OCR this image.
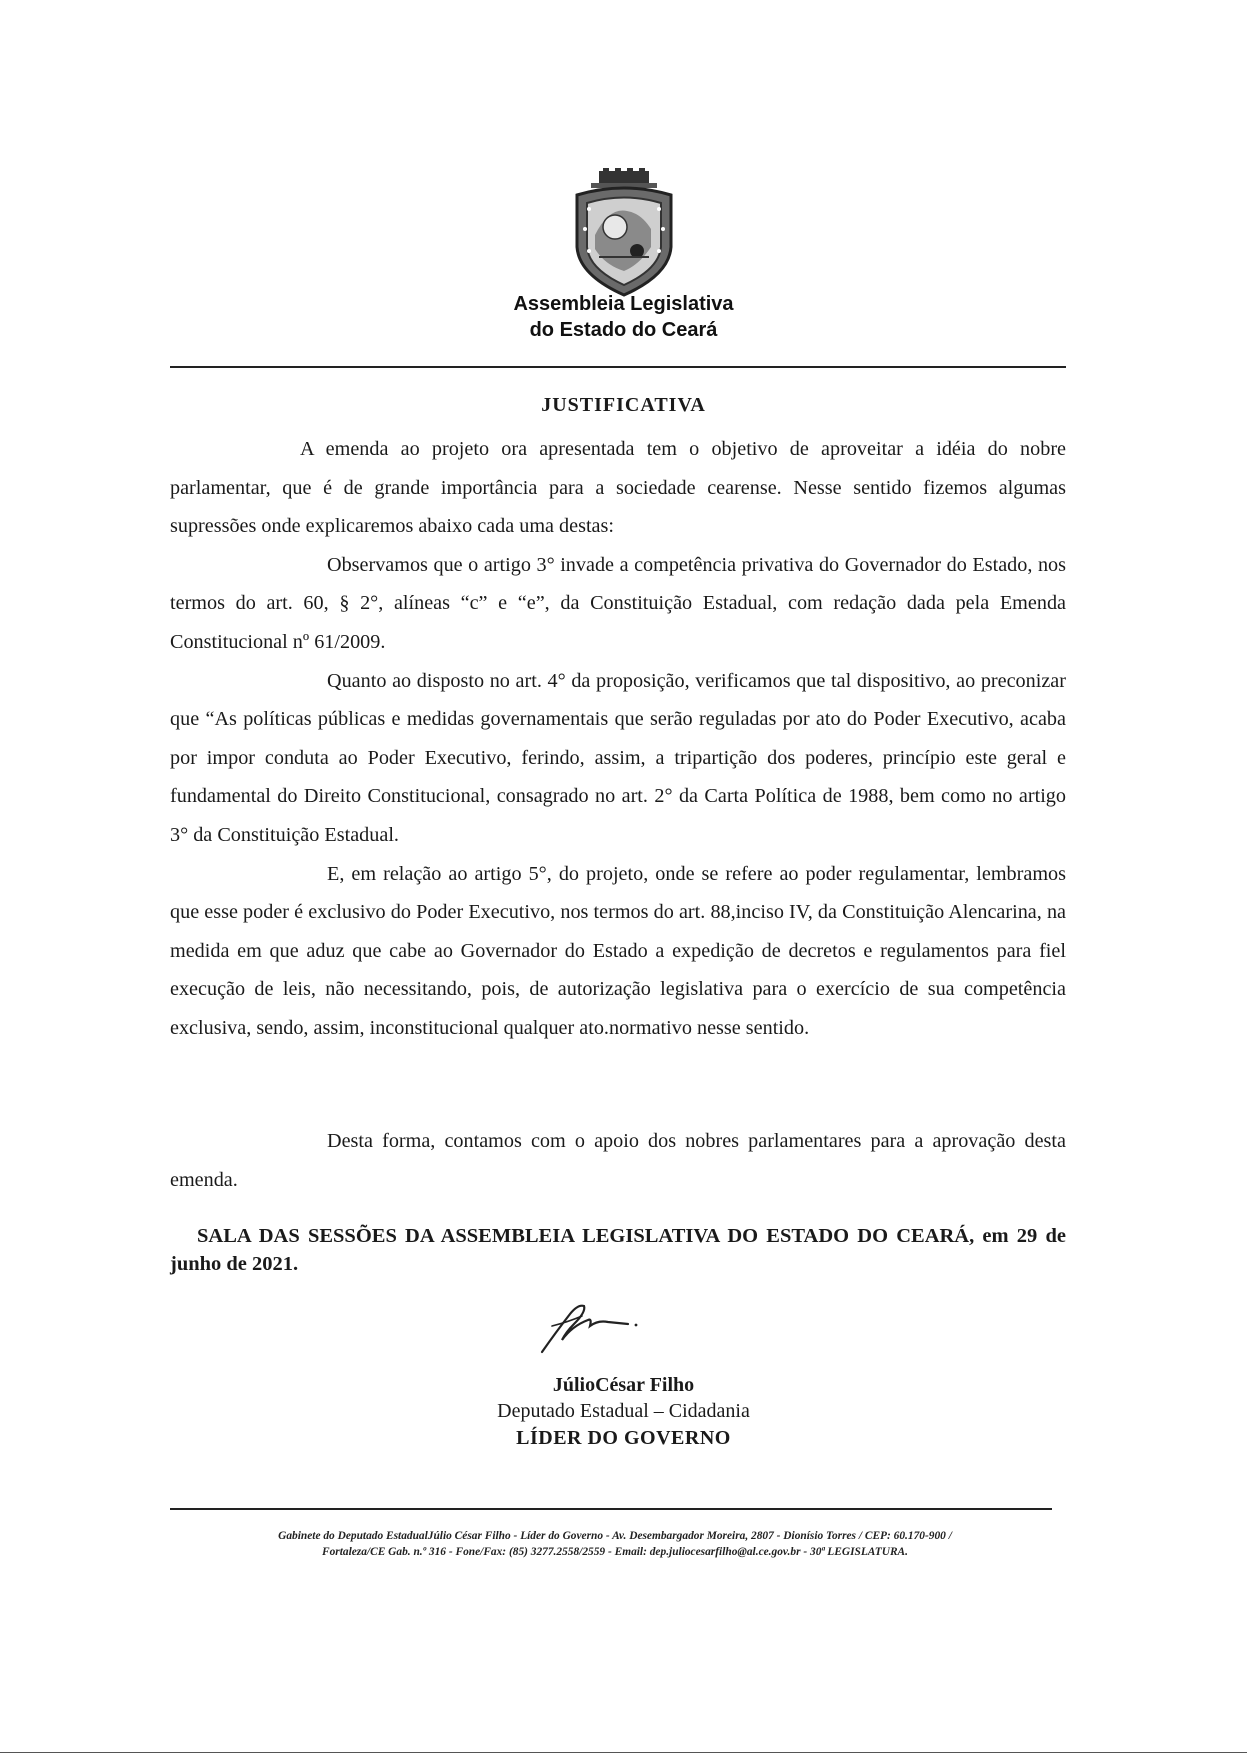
Assembleia Legislativa
do Estado do Ceará
JUSTIFICATIVA

A emenda ao projeto ora apresentada tem o objetivo de aproveitar a idéia do nobre parlamentar, que é de grande importância para a sociedade cearense. Nesse sentido fizemos algumas supressões onde explicaremos abaixo cada uma destas:

Observamos que o artigo 3° invade a competência privativa do Governador do Estado, nos termos do art. 60, § 2°, alíneas “c” e “e”, da Constituição Estadual, com redação dada pela Emenda Constitucional nº 61/2009.

Quanto ao disposto no art. 4° da proposição, verificamos que tal dispositivo, ao preconizar que “As políticas públicas e medidas governamentais que serão reguladas por ato do Poder Executivo, acaba por impor conduta ao Poder Executivo, ferindo, assim, a tripartição dos poderes, princípio este geral e fundamental do Direito Constitucional, consagrado no art. 2° da Carta Política de 1988, bem como no artigo 3° da Constituição Estadual.

E, em relação ao artigo 5°, do projeto, onde se refere ao poder regulamentar, lembramos que esse poder é exclusivo do Poder Executivo, nos termos do art. 88,inciso IV, da Constituição Alencarina, na medida em que aduz que cabe ao Governador do Estado a expedição de decretos e regulamentos para fiel execução de leis, não necessitando, pois, de autorização legislativa para o exercício de sua competência exclusiva, sendo, assim, inconstitucional qualquer ato.normativo nesse sentido.

Desta forma, contamos com o apoio dos nobres parlamentares para a aprovação desta emenda.

SALA DAS SESSÕES DA ASSEMBLEIA LEGISLATIVA DO ESTADO DO CEARÁ, em 29 de junho de 2021.
JúlioCésar Filho
Deputado Estadual – Cidadania
LÍDER DO GOVERNO
Gabinete do Deputado EstadualJúlio César Filho - Líder do Governo - Av. Desembargador Moreira, 2807 - Dionísio Torres / CEP: 60.170-900 /
Fortaleza/CE Gab. n.º 316 - Fone/Fax: (85) 3277.2558/2559 - Email: dep.juliocesarfilho@al.ce.gov.br - 30ª LEGISLATURA.
